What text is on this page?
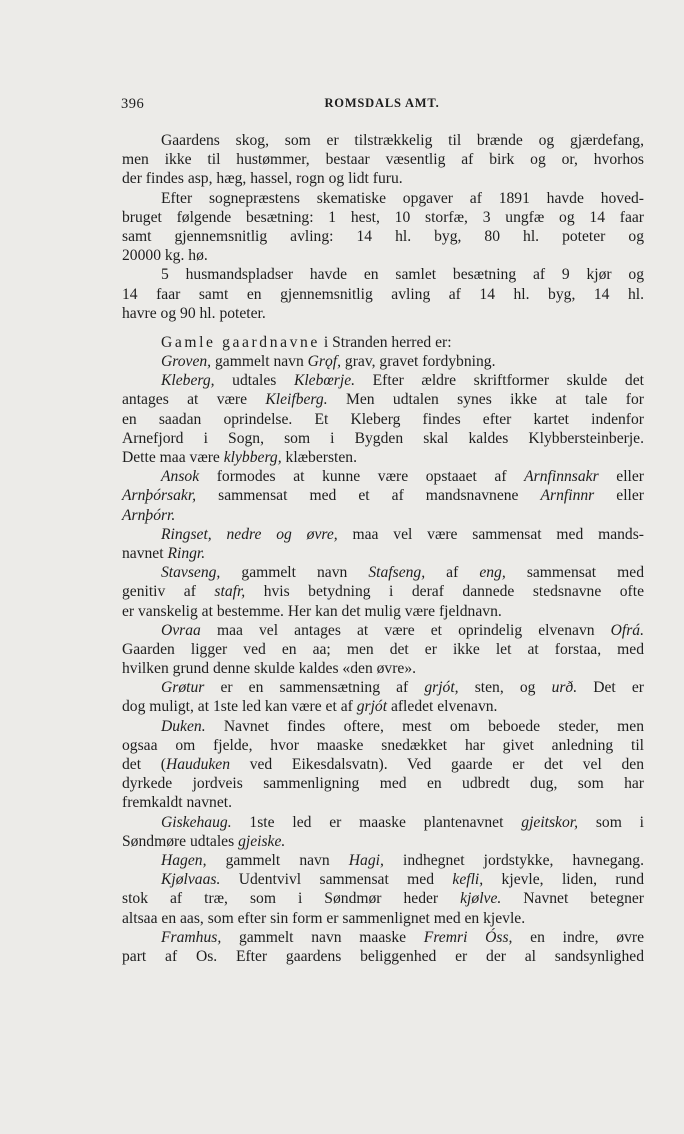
396	ROMSDALS AMT.
Gaardens skog, som er tilstrækkelig til brænde og gjærdefang,
men ikke til hustømmer, bestaar væsentlig af birk og or, hvorhos
der findes asp, hæg, hassel, rogn og lidt furu.
Efter sognepræstens skematiske opgaver af 1891 havde hoved-
bruget følgende besætning: 1 hest, 10 storfæ, 3 ungfæ og 14 faar
samt gjennemsnitlig avling: 14 hl. byg, 80 hl. poteter og
20000 kg. hø.
5 husmandspladser havde en samlet besætning af 9 kjør og
14 faar samt en gjennemsnitlig avling af 14 hl. byg, 14 hl.
havre og 90 hl. poteter.
Gamle gaardnavne i Stranden herred er:
Groven, gammelt navn Grǫf, grav, gravet fordybning.
Kleberg, udtales Klebœrje. Efter ældre skriftformer skulde det
antages at være Kleifberg. Men udtalen synes ikke at tale for
en saadan oprindelse. Et Kleberg findes efter kartet indenfor
Arnefjord i Sogn, som i Bygden skal kaldes Klybbersteinberje.
Dette maa være klybberg, klæbersten.
Ansok formodes at kunne være opstaaet af Arnfinnsakr eller
Arnþórsakr, sammensat med et af mandsnavnene Arnfinnr eller
Arnþórr.
Ringset, nedre og øvre, maa vel være sammensat med mands-
navnet Ringr.
Stavseng, gammelt navn Stafseng, af eng, sammensat med
genitiv af stafr, hvis betydning i deraf dannede stedsnavne ofte
er vanskelig at bestemme. Her kan det mulig være fjeldnavn.
Ovraa maa vel antages at være et oprindelig elvenavn Ofrá.
Gaarden ligger ved en aa; men det er ikke let at forstaa, med
hvilken grund denne skulde kaldes «den øvre».
Grøtur er en sammensætning af grjót, sten, og urð. Det er
dog muligt, at 1ste led kan være et af grjót afledet elvenavn.
Duken. Navnet findes oftere, mest om beboede steder, men
ogsaa om fjelde, hvor maaske snedækket har givet anledning til
det (Hauduken ved Eikesdalsvatn). Ved gaarde er det vel den
dyrkede jordveis sammenligning med en udbredt dug, som har
fremkaldt navnet.
Giskehaug. 1ste led er maaske plantenavnet gjeitskor, som i
Søndmøre udtales gjeiske.
Hagen, gammelt navn Hagi, indhegnet jordstykke, havnegang.
Kjølvaas. Udentvivl sammensat med kefli, kjevle, liden, rund
stok af træ, som i Søndmør heder kjølve. Navnet betegner
altsaa en aas, som efter sin form er sammenlignet med en kjevle.
Framhus, gammelt navn maaske Fremri Óss, en indre, øvre
part af Os. Efter gaardens beliggenhed er der al sandsynlighed
